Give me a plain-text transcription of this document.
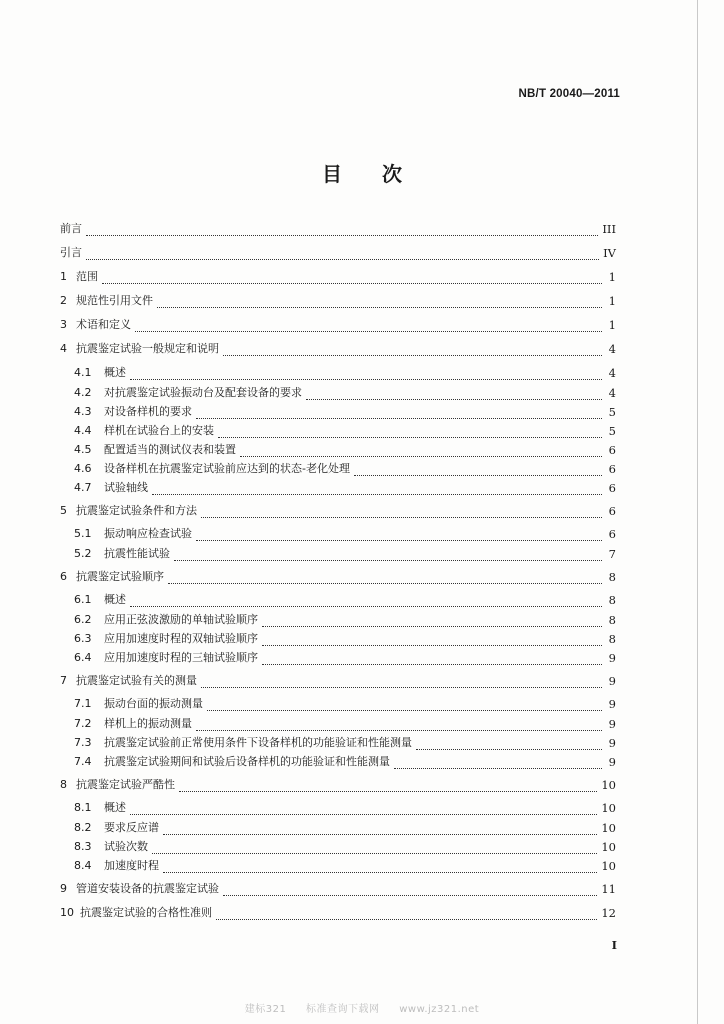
NB/T 20040—2011
目次
前言	III
引言	IV
1 范围	1
2 规范性引用文件	1
3 术语和定义	1
4 抗震鉴定试验一般规定和说明	4
4.1	概述	4
4.2	对抗震鉴定试验振动台及配套设备的要求	4
4.3	对设备样机的要求	5
4.4	样机在试验台上的安装	5
4.5	配置适当的测试仪表和装置	6
4.6	设备样机在抗震鉴定试验前应达到的状态-老化处理	6
4.7	试验轴线	6
5 抗震鉴定试验条件和方法	6
5.1	振动响应检查试验	6
5.2	抗震性能试验	7
6 抗震鉴定试验顺序	8
6.1	概述	8
6.2	应用正弦波激励的单轴试验顺序	8
6.3	应用加速度时程的双轴试验顺序	8
6.4	应用加速度时程的三轴试验顺序	9
7 抗震鉴定试验有关的测量	9
7.1	振动台面的振动测量	9
7.2	样机上的振动测量	9
7.3	抗震鉴定试验前正常使用条件下设备样机的功能验证和性能测量	9
7.4	抗震鉴定试验期间和试验后设备样机的功能验证和性能测量	9
8 抗震鉴定试验严酷性	10
8.1	概述	10
8.2	要求反应谱	10
8.3	试验次数	10
8.4	加速度时程	10
9 管道安装设备的抗震鉴定试验	11
10 抗震鉴定试验的合格性准则	12
I
建标321 标准查询下载网 www.jz321.net
